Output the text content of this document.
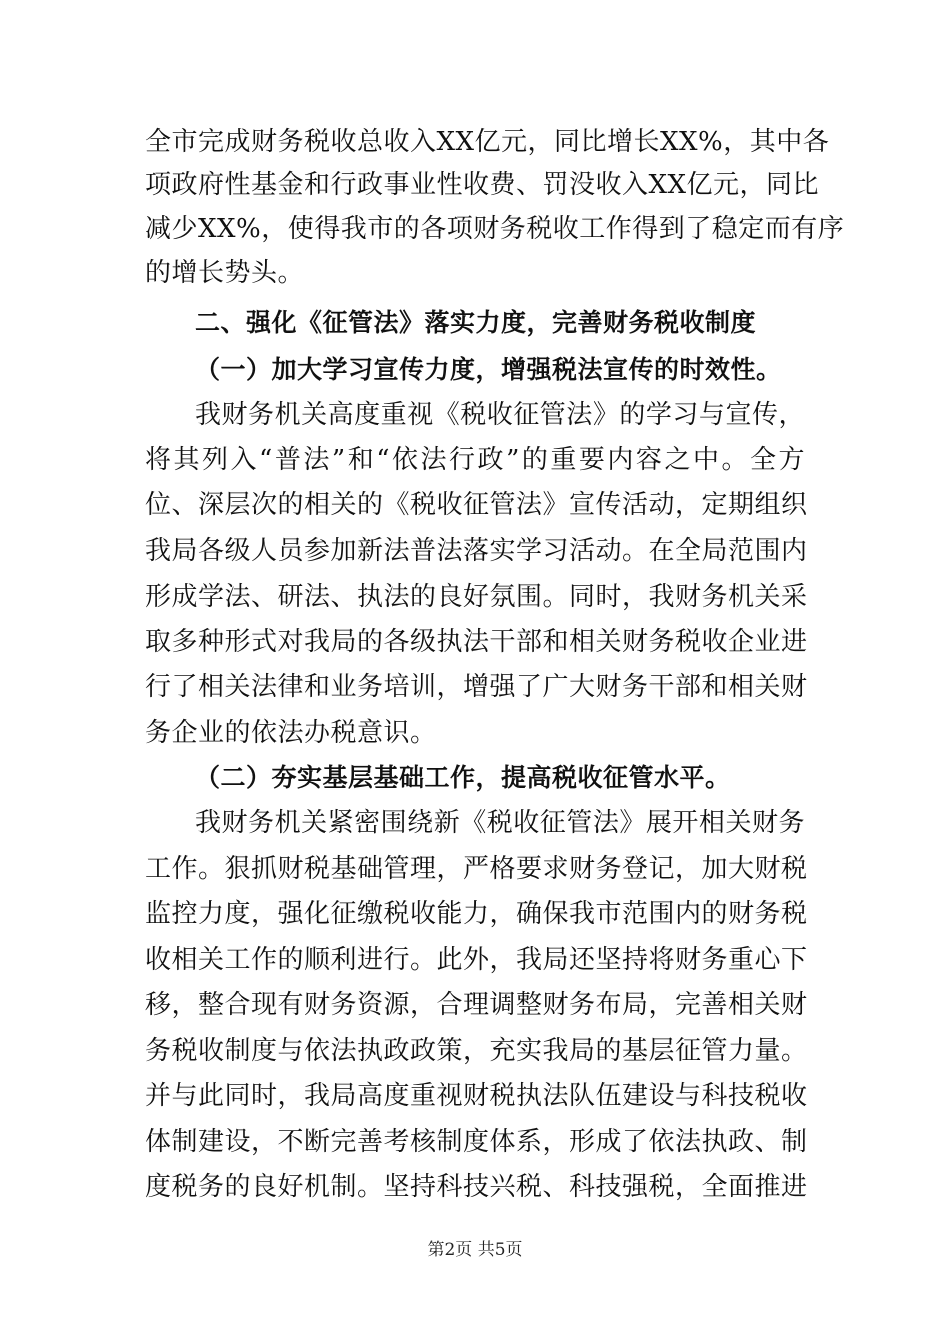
全市完成财务税收总收入XX亿元，同比增长XX%，其中各
项政府性基金和行政事业性收费、罚没收入XX亿元，同比
减少XX%，使得我市的各项财务税收工作得到了稳定而有序
的增长势头。
二、强化《征管法》落实力度，完善财务税收制度
（一）加大学习宣传力度，增强税法宣传的时效性。
我财务机关高度重视《税收征管法》的学习与宣传，
将其列入“普法”和“依法行政”的重要内容之中。全方
位、深层次的相关的《税收征管法》宣传活动，定期组织
我局各级人员参加新法普法落实学习活动。在全局范围内
形成学法、研法、执法的良好氛围。同时，我财务机关采
取多种形式对我局的各级执法干部和相关财务税收企业进
行了相关法律和业务培训，增强了广大财务干部和相关财
务企业的依法办税意识。
（二）夯实基层基础工作，提高税收征管水平。
我财务机关紧密围绕新《税收征管法》展开相关财务
工作。狠抓财税基础管理，严格要求财务登记，加大财税
监控力度，强化征缴税收能力，确保我市范围内的财务税
收相关工作的顺利进行。此外，我局还坚持将财务重心下
移，整合现有财务资源，合理调整财务布局，完善相关财
务税收制度与依法执政政策，充实我局的基层征管力量。
并与此同时，我局高度重视财税执法队伍建设与科技税收
体制建设，不断完善考核制度体系，形成了依法执政、制
度税务的良好机制。坚持科技兴税、科技强税，全面推进
第2页 共5页
